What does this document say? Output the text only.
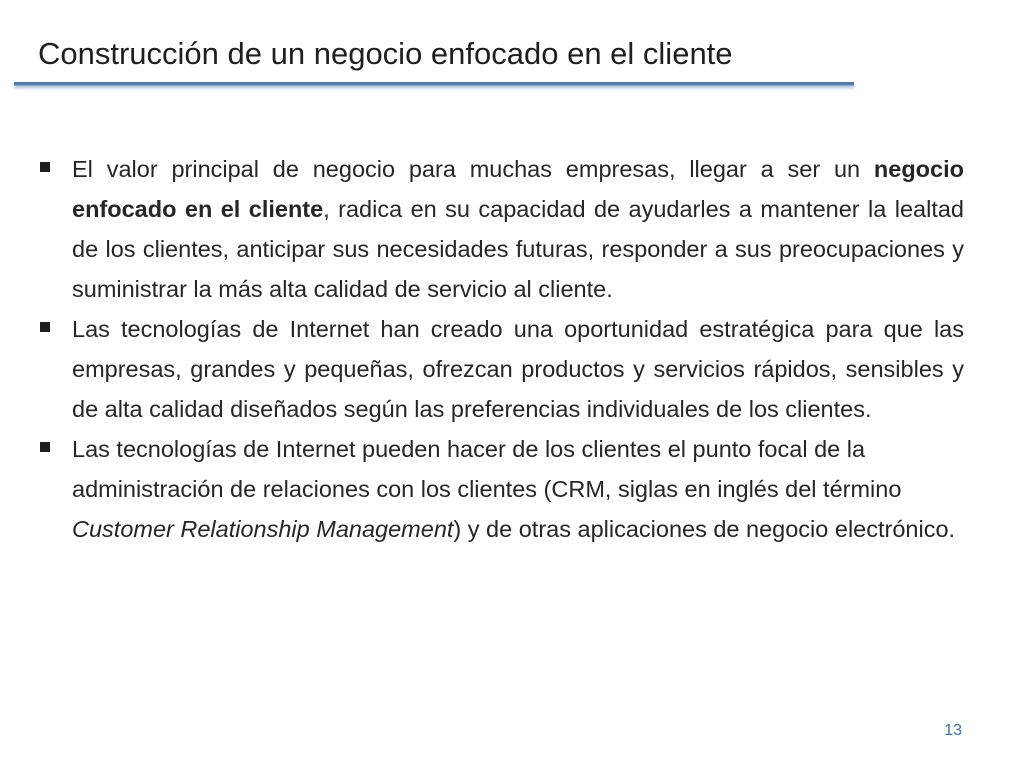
Construcción de un negocio enfocado en el cliente
El valor principal de negocio para muchas empresas, llegar a ser un negocio enfocado en el cliente, radica en su capacidad de ayudarles a mantener la lealtad de los clientes, anticipar sus necesidades futuras, responder a sus preocupaciones y suministrar la más alta calidad de servicio al cliente.
Las tecnologías de Internet han creado una oportunidad estratégica para que las empresas, grandes y pequeñas, ofrezcan productos y servicios rápidos, sensibles y de alta calidad diseñados según las preferencias individuales de los clientes.
Las tecnologías de Internet pueden hacer de los clientes el punto focal de la administración de relaciones con los clientes (CRM, siglas en inglés del término Customer Relationship Management) y de otras aplicaciones de negocio electrónico.
13
